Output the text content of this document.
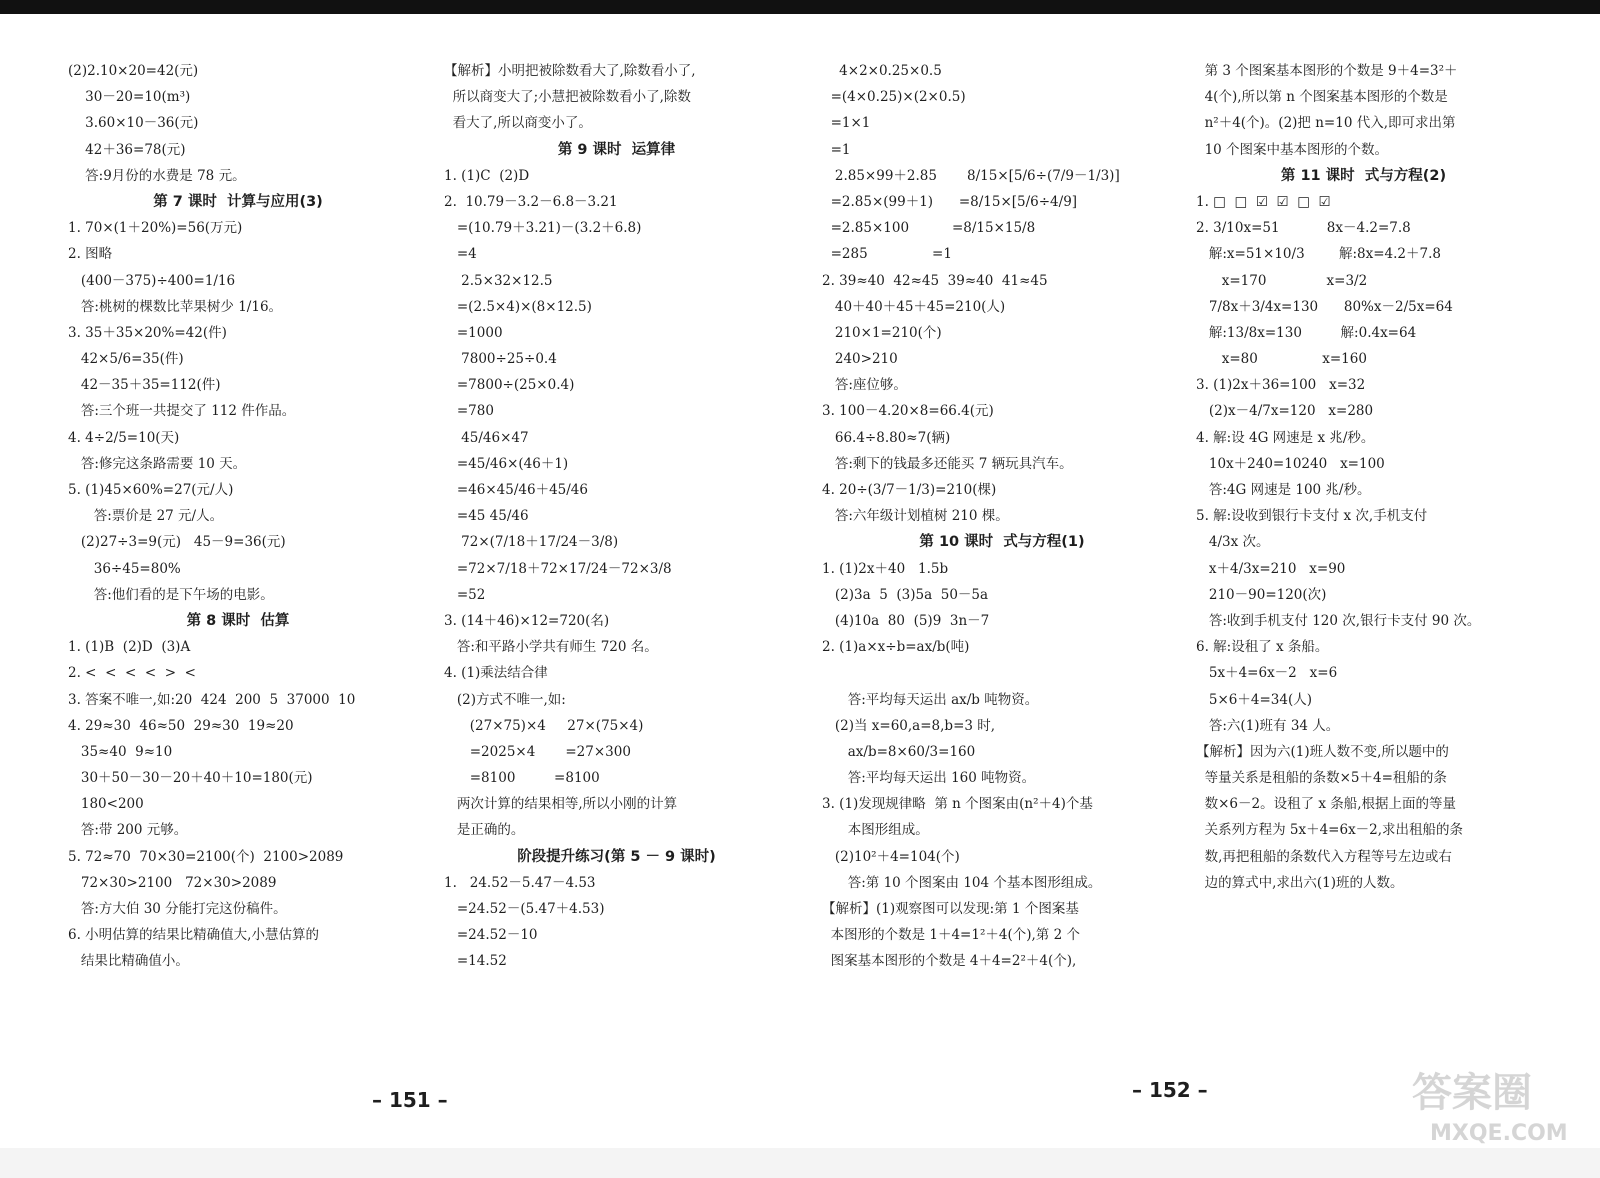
(2)2.10×20=42(元)
30－20=10(m³)
3.60×10－36(元)
42＋36=78(元)
答:9月份的水费是 78 元。
第 7 课时  计算与应用(3)
1. 70×(1＋20%)=56(万元)
2. 图略
(400－375)÷400=1/16
答:桃树的棵数比苹果树少 1/16。
3. 35＋35×20%=42(件)
42×5/6=35(件)
42－35＋35=112(件)
答:三个班一共提交了 112 件作品。
4. 4÷2/5=10(天)
答:修完这条路需要 10 天。
5. (1)45×60%=27(元/人)
答:票价是 27 元/人。
(2)27÷3=9(元)   45－9=36(元)
36÷45=80%
答:他们看的是下午场的电影。
第 8 课时  估算
1. (1)B  (2)D  (3)A
2. <  <  <  <  >  <
3. 答案不唯一,如:20  424  200  5  37000  10
4. 29≈30  46≈50  29≈30  19≈20
35≈40  9≈10
30＋50－30－20＋40＋10=180(元)
180<200
答:带 200 元够。
5. 72≈70  70×30=2100(个)  2100>2089
72×30>2100   72×30>2089
答:方大伯 30 分能打完这份稿件。
6. 小明估算的结果比精确值大,小慧估算的
结果比精确值小。
【解析】小明把被除数看大了,除数看小了,
所以商变大了;小慧把被除数看小了,除数
看大了,所以商变小了。
第 9 课时  运算律
1. (1)C  (2)D
2.  10.79－3.2－6.8－3.21
=(10.79＋3.21)－(3.2＋6.8)
=4
2.5×32×12.5
=(2.5×4)×(8×12.5)
=1000
7800÷25÷0.4
=7800÷(25×0.4)
=780
45/46×47
=45/46×(46＋1)
=46×45/46＋45/46
=45 45/46
72×(7/18＋17/24－3/8)
=72×7/18＋72×17/24－72×3/8
=52
3. (14＋46)×12=720(名)
答:和平路小学共有师生 720 名。
4. (1)乘法结合律
(2)方式不唯一,如:
(27×75)×4     27×(75×4)
=2025×4       =27×300
=8100         =8100
两次计算的结果相等,所以小刚的计算
是正确的。
阶段提升练习(第 5 － 9 课时)
1.   24.52－5.47－4.53
=24.52－(5.47＋4.53)
=24.52－10
=14.52
4×2×0.25×0.5
=(4×0.25)×(2×0.5)
=1×1
=1
2.85×99＋2.85       8/15×[5/6÷(7/9－1/3)]
=2.85×(99＋1)      =8/15×[5/6÷4/9]
=2.85×100          =8/15×15/8
=285               =1
2. 39≈40  42≈45  39≈40  41≈45
40＋40＋45＋45=210(人)
210×1=210(个)
240>210
答:座位够。
3. 100－4.20×8=66.4(元)
66.4÷8.80≈7(辆)
答:剩下的钱最多还能买 7 辆玩具汽车。
4. 20÷(3/7－1/3)=210(棵)
答:六年级计划植树 210 棵。
第 10 课时  式与方程(1)
1. (1)2x＋40   1.5b
(2)3a  5  (3)5a  50－5a
(4)10a  80  (5)9  3n－7
2. (1)a×x÷b=ax/b(吨)
答:平均每天运出 ax/b 吨物资。
(2)当 x=60,a=8,b=3 时,
ax/b=8×60/3=160
答:平均每天运出 160 吨物资。
3. (1)发现规律略  第 n 个图案由(n²＋4)个基
本图形组成。
(2)10²＋4=104(个)
答:第 10 个图案由 104 个基本图形组成。
【解析】(1)观察图可以发现:第 1 个图案基
本图形的个数是 1＋4=1²＋4(个),第 2 个
图案基本图形的个数是 4＋4=2²＋4(个),
第 3 个图案基本图形的个数是 9＋4=3²＋
4(个),所以第 n 个图案基本图形的个数是
n²＋4(个)。(2)把 n=10 代入,即可求出第
10 个图案中基本图形的个数。
第 11 课时  式与方程(2)
1. □  □  ☑  ☑  □  ☑
2. 3/10x=51           8x－4.2=7.8
解:x=51×10/3        解:8x=4.2＋7.8
x=170              x=3/2
7/8x＋3/4x=130      80%x－2/5x=64
解:13/8x=130         解:0.4x=64
x=80               x=160
3. (1)2x＋36=100   x=32
(2)x－4/7x=120   x=280
4. 解:设 4G 网速是 x 兆/秒。
10x＋240=10240   x=100
答:4G 网速是 100 兆/秒。
5. 解:设收到银行卡支付 x 次,手机支付
4/3x 次。
x＋4/3x=210   x=90
210－90=120(次)
答:收到手机支付 120 次,银行卡支付 90 次。
6. 解:设租了 x 条船。
5x＋4=6x－2   x=6
5×6＋4=34(人)
答:六(1)班有 34 人。
【解析】因为六(1)班人数不变,所以题中的
等量关系是租船的条数×5＋4=租船的条
数×6－2。设租了 x 条船,根据上面的等量
关系列方程为 5x＋4=6x－2,求出租船的条
数,再把租船的条数代入方程等号左边或右
边的算式中,求出六(1)班的人数。
– 151 –	– 152 –	答案圈
MXQE.COM
